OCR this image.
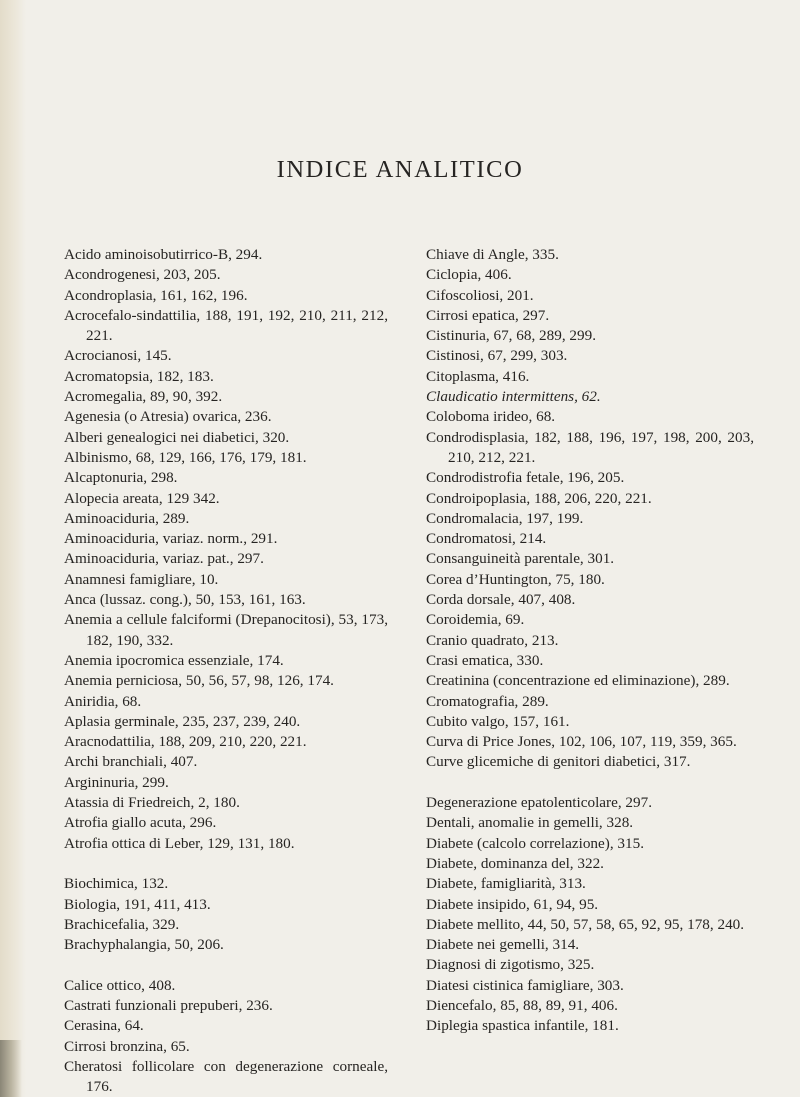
INDICE ANALITICO

Acido aminoisobutirrico-B, 294.

Acondrogenesi, 203, 205.

Acondroplasia, 161, 162, 196.

Acrocefalo-sindattilia, 188, 191, 192, 210, 211, 212, 221.

Acrocianosi, 145.

Acromatopsia, 182, 183.

Acromegalia, 89, 90, 392.

Agenesia (o Atresia) ovarica, 236.

Alberi genealogici nei diabetici, 320.

Albinismo, 68, 129, 166, 176, 179, 181.

Alcaptonuria, 298.

Alopecia areata, 129 342.

Aminoaciduria, 289.

Aminoaciduria, variaz. norm., 291.

Aminoaciduria, variaz. pat., 297.

Anamnesi famigliare, 10.

Anca (lussaz. cong.), 50, 153, 161, 163.

Anemia a cellule falciformi (Drepanocitosi), 53, 173, 182, 190, 332.

Anemia ipocromica essenziale, 174.

Anemia perniciosa, 50, 56, 57, 98, 126, 174.

Aniridia, 68.

Aplasia germinale, 235, 237, 239, 240.

Aracnodattilia, 188, 209, 210, 220, 221.

Archi branchiali, 407.

Argininuria, 299.

Atassia di Friedreich, 2, 180.

Atrofia giallo acuta, 296.

Atrofia ottica di Leber, 129, 131, 180.

Biochimica, 132.

Biologia, 191, 411, 413.

Brachicefalia, 329.

Brachyphalangia, 50, 206.

Calice ottico, 408.

Castrati funzionali prepuberi, 236.

Cerasina, 64.

Cirrosi bronzina, 65.

Cheratosi follicolare con degenerazione corneale, 176.

Chiave di Angle, 335.

Ciclopia, 406.

Cifoscoliosi, 201.

Cirrosi epatica, 297.

Cistinuria, 67, 68, 289, 299.

Cistinosi, 67, 299, 303.

Citoplasma, 416.

Claudicatio intermittens, 62.

Coloboma irideo, 68.

Condrodisplasia, 182, 188, 196, 197, 198, 200, 203, 210, 212, 221.

Condrodistrofia fetale, 196, 205.

Condroipoplasia, 188, 206, 220, 221.

Condromalacia, 197, 199.

Condromatosi, 214.

Consanguineità parentale, 301.

Corea d’Huntington, 75, 180.

Corda dorsale, 407, 408.

Coroidemia, 69.

Cranio quadrato, 213.

Crasi ematica, 330.

Creatinina (concentrazione ed eliminazione), 289.

Cromatografia, 289.

Cubito valgo, 157, 161.

Curva di Price Jones, 102, 106, 107, 119, 359, 365.

Curve glicemiche di genitori diabetici, 317.

Degenerazione epatolenticolare, 297.

Dentali, anomalie in gemelli, 328.

Diabete (calcolo correlazione), 315.

Diabete, dominanza del, 322.

Diabete, famigliarità, 313.

Diabete insipido, 61, 94, 95.

Diabete mellito, 44, 50, 57, 58, 65, 92, 95, 178, 240.

Diabete nei gemelli, 314.

Diagnosi di zigotismo, 325.

Diatesi cistinica famigliare, 303.

Diencefalo, 85, 88, 89, 91, 406.

Diplegia spastica infantile, 181.
